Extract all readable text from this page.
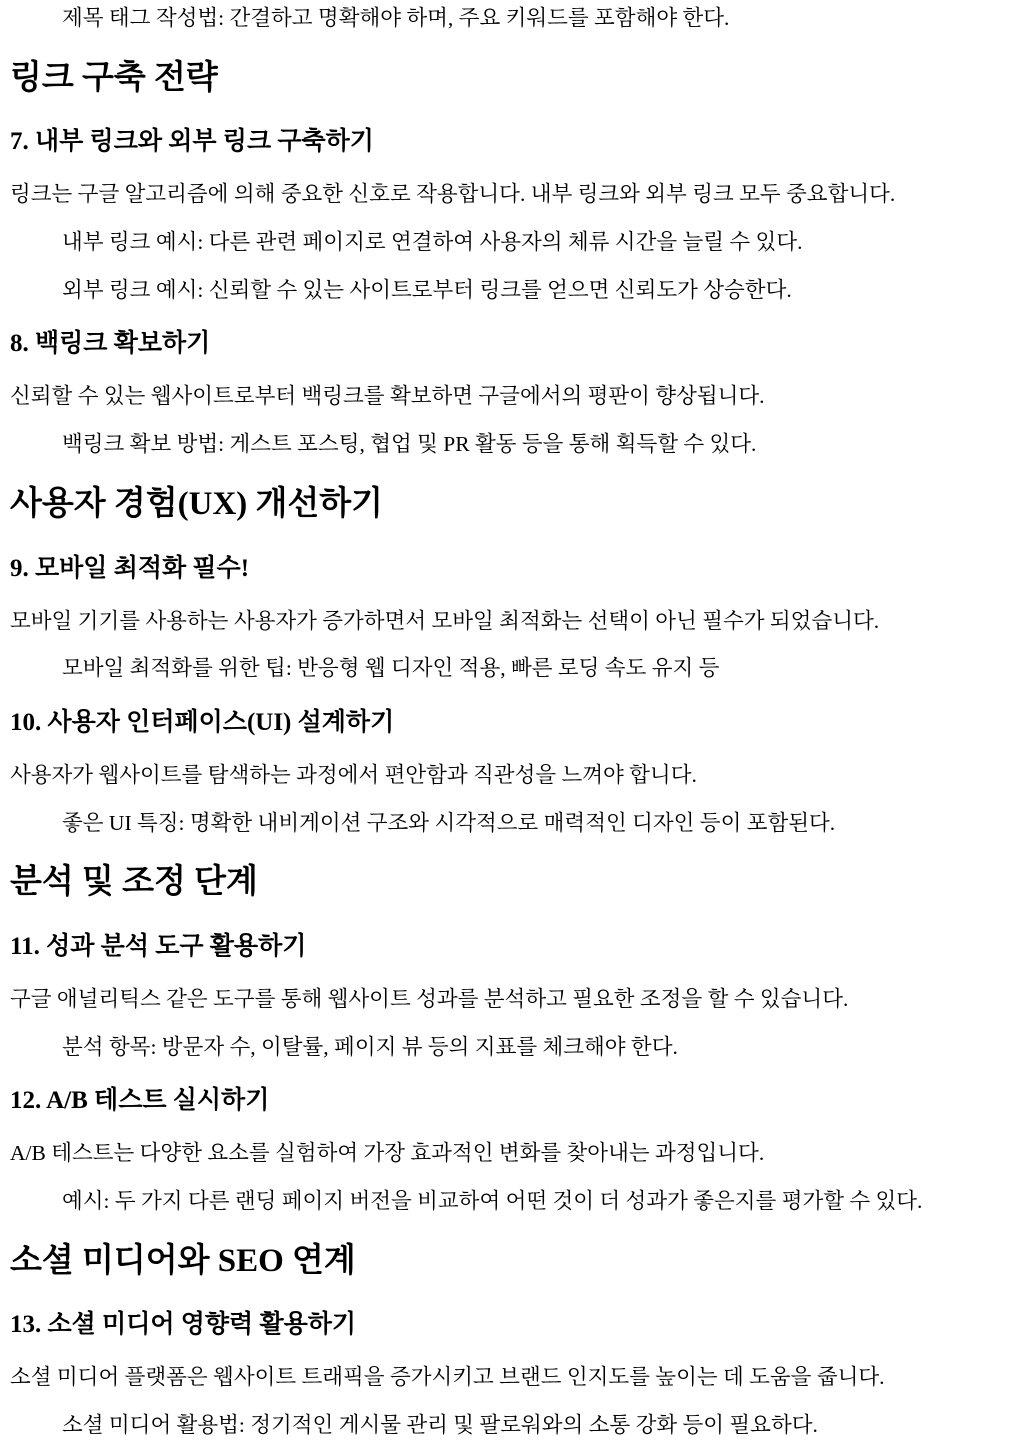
제목 태그 작성법: 간결하고 명확해야 하며, 주요 키워드를 포함해야 한다.

링크 구축 전략
7. 내부 링크와 외부 링크 구축하기

링크는 구글 알고리즘에 의해 중요한 신호로 작용합니다. 내부 링크와 외부 링크 모두 중요합니다.

내부 링크 예시: 다른 관련 페이지로 연결하여 사용자의 체류 시간을 늘릴 수 있다.

외부 링크 예시: 신뢰할 수 있는 사이트로부터 링크를 얻으면 신뢰도가 상승한다.

8. 백링크 확보하기

신뢰할 수 있는 웹사이트로부터 백링크를 확보하면 구글에서의 평판이 향상됩니다.

백링크 확보 방법: 게스트 포스팅, 협업 및 PR 활동 등을 통해 획득할 수 있다.

사용자 경험(UX) 개선하기
9. 모바일 최적화 필수!

모바일 기기를 사용하는 사용자가 증가하면서 모바일 최적화는 선택이 아닌 필수가 되었습니다.

모바일 최적화를 위한 팁: 반응형 웹 디자인 적용, 빠른 로딩 속도 유지 등

10. 사용자 인터페이스(UI) 설계하기

사용자가 웹사이트를 탐색하는 과정에서 편안함과 직관성을 느껴야 합니다.

좋은 UI 특징: 명확한 내비게이션 구조와 시각적으로 매력적인 디자인 등이 포함된다.

분석 및 조정 단계
11. 성과 분석 도구 활용하기

구글 애널리틱스 같은 도구를 통해 웹사이트 성과를 분석하고 필요한 조정을 할 수 있습니다.

분석 항목: 방문자 수, 이탈률, 페이지 뷰 등의 지표를 체크해야 한다.

12. A/B 테스트 실시하기

A/B 테스트는 다양한 요소를 실험하여 가장 효과적인 변화를 찾아내는 과정입니다.

예시: 두 가지 다른 랜딩 페이지 버전을 비교하여 어떤 것이 더 성과가 좋은지를 평가할 수 있다.

소셜 미디어와 SEO 연계
13. 소셜 미디어 영향력 활용하기

소셜 미디어 플랫폼은 웹사이트 트래픽을 증가시키고 브랜드 인지도를 높이는 데 도움을 줍니다.

소셜 미디어 활용법: 정기적인 게시물 관리 및 팔로워와의 소통 강화 등이 필요하다.
